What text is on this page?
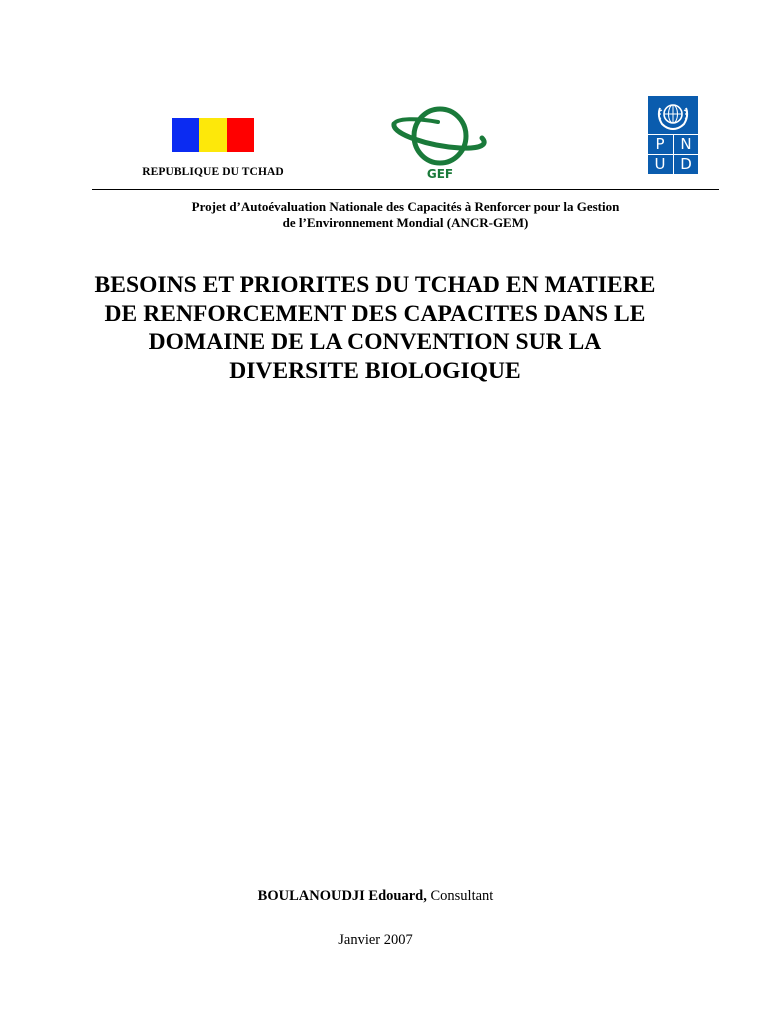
REPUBLIQUE DU TCHAD	GEF
P	N
U D
Projet d’Autoévaluation Nationale des Capacités à Renforcer pour la Gestion
de l’Environnement Mondial (ANCR-GEM)
BESOINS ET PRIORITES DU TCHAD EN MATIERE
DE RENFORCEMENT DES CAPACITES DANS LE
DOMAINE DE LA CONVENTION SUR LA
DIVERSITE BIOLOGIQUE
BOULANOUDJI Edouard, Consultant
Janvier 2007
